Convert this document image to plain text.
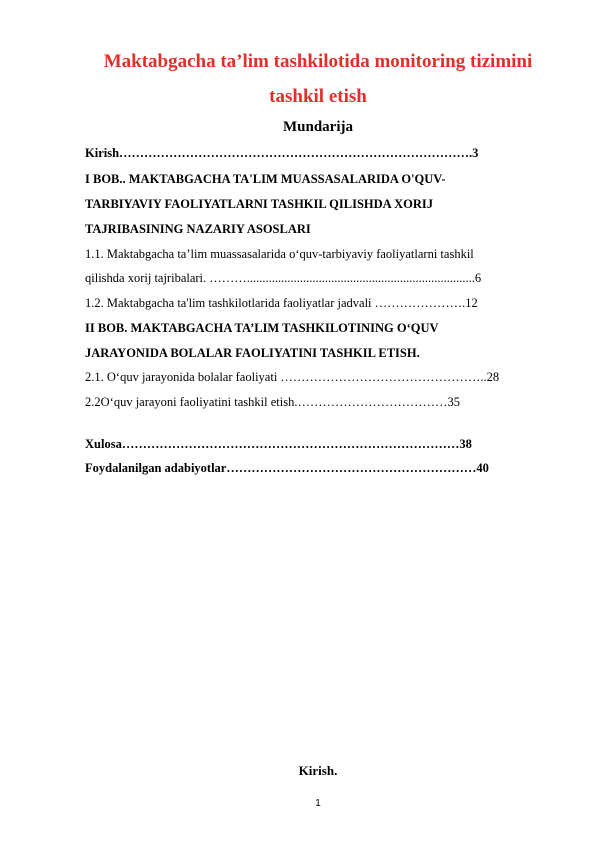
Maktabgacha ta’lim tashkilotida monitoring tizimini
tashkil etish
Mundarija
Kirish………………………………………………………………………….3
I BOB.. MAKTABGACHA TA'LIM MUASSASALARIDA O'QUV-
TARBIYAVIY FAOLIYATLARNI TASHKIL QILISHDA XORIJ
TAJRIBASINING NAZARIY ASOSLARI
1.1. Maktabgacha ta’lim muassasalarida o‘quv-tarbiyaviy faoliyatlarni tashkil
qilishda xorij tajribalari. ……….........................................................................6
1.2. Maktabgacha ta'lim tashkilotlarida faoliyatlar jadvali ………………….12
II BOB. MAKTABGACHA TA’LIM TASHKILOTINING O‘QUV
JARAYONIDA BOLALAR FAOLIYATINI TASHKIL ETISH.
2.1. O‘quv jarayonida bolalar faoliyati …………………………………………..28
2.2O‘quv jarayoni faoliyatini tashkil etish.………………………………35
Xulosa………………………………………………………………………38
Foydalanilgan adabiyotlar……………………………………………………40
Kirish.
1
